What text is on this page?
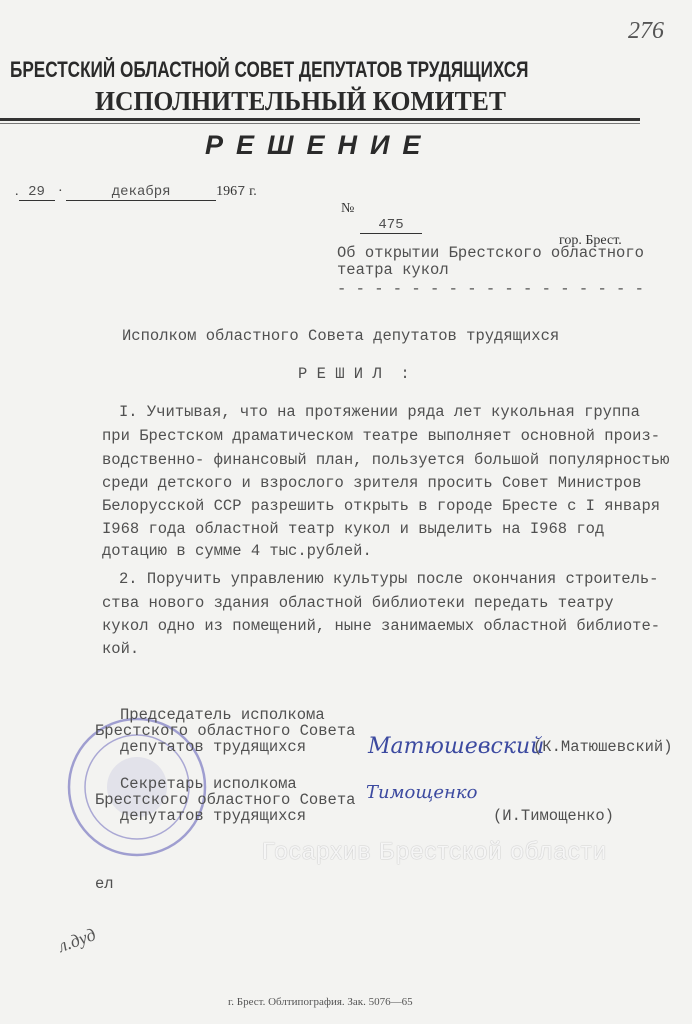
276
БРЕСТСКИЙ ОБЛАСТНОЙ СОВЕТ ДЕПУТАТОВ ТРУДЯЩИХСЯ
ИСПОЛНИТЕЛЬНЫЙ КОМИТЕТ
РЕШЕНИЕ

. 29 ·	декабря	1967 г.

№

475

гор. Брест.

Об открытии Брестского областного
театра кукол
- - - - - - - - - - - - - - - - -
Исполком областного Совета депутатов трудящихся
Р Е Ш И Л  :
I. Учитывая, что на протяжении ряда лет кукольная группа
при Брестском драматическом театре выполняет основной произ-
водственно- финансовый план, пользуется большой популярностью
среди детского и взрослого зрителя просить Совет Министров
Белорусской ССР разрешить открыть в городе Бресте с I января
I968 года областной театр кукол и выделить на I968 год
дотацию в сумме 4 тыс.рублей.
2. Поручить управлению культуры после окончания строитель-
ства нового здания областной библиотеки передать театру
кукол одно из помещений, ныне занимаемых областной библиоте-
кой.
Председатель исполкома
Брестского областного Совета
депутатов трудящихся	Матюшевский
(К.Матюшевский)
Секретарь исполкома
Брестского областного Совета
депутатов трудящихся
Тимощенко
(И.Тимощенко)
Госархив Брестской области
ел
л.дуд
г. Брест. Облтипография. Зак. 5076—65
